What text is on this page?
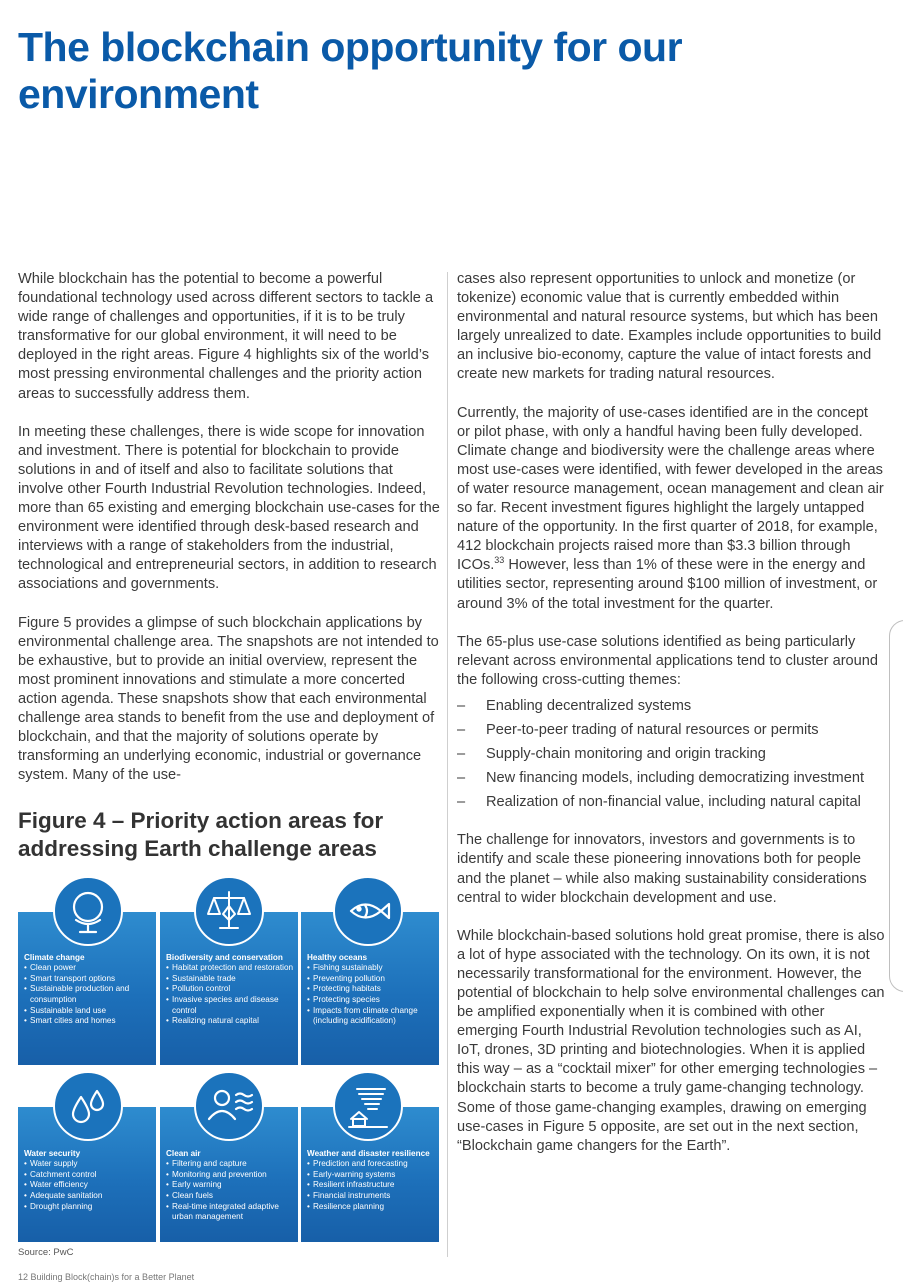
The blockchain opportunity for our environment

While blockchain has the potential to become a powerful foundational technology used across different sectors to tackle a wide range of challenges and opportunities, if it is to be truly transformative for our global environment, it will need to be deployed in the right areas. Figure 4 highlights six of the world’s most pressing environmental challenges and the priority action areas to successfully address them.

In meeting these challenges, there is wide scope for innovation and investment. There is potential for blockchain to provide solutions in and of itself and also to facilitate solutions that involve other Fourth Industrial Revolution technologies. Indeed, more than 65 existing and emerging blockchain use-cases for the environment were identified through desk-based research and interviews with a range of stakeholders from the industrial, technological and entrepreneurial sectors, in addition to research associations and governments.

Figure 5 provides a glimpse of such blockchain applications by environmental challenge area. The snapshots are not intended to be exhaustive, but to provide an initial overview, represent the most prominent innovations and stimulate a more concerted action agenda. These snapshots show that each environmental challenge area stands to benefit from the use and deployment of blockchain, and that the majority of solutions operate by transforming an underlying economic, industrial or governance system. Many of the use-

cases also represent opportunities to unlock and monetize (or tokenize) economic value that is currently embedded within environmental and natural resource systems, but which has been largely unrealized to date. Examples include opportunities to build an inclusive bio-economy, capture the value of intact forests and create new markets for trading natural resources.

Currently, the majority of use-cases identified are in the concept or pilot phase, with only a handful having been fully developed. Climate change and biodiversity were the challenge areas where most use-cases were identified, with fewer developed in the areas of water resource management, ocean management and clean air so far. Recent investment figures highlight the largely untapped nature of the opportunity. In the first quarter of 2018, for example, 412 blockchain projects raised more than $3.3 billion through ICOs.$^{33}$ However, less than 1% of these were in the energy and utilities sector, representing around $100 million of investment, or around 3% of the total investment for the quarter.

The 65-plus use-case solutions identified as being particularly relevant across environmental applications tend to cluster around the following cross-cutting themes:

– Enabling decentralized systems
– Peer-to-peer trading of natural resources or permits
– Supply-chain monitoring and origin tracking
– New financing models, including democratizing investment
– Realization of non-financial value, including natural capital

The challenge for innovators, investors and governments is to identify and scale these pioneering innovations both for people and the planet – while also making sustainability considerations central to wider blockchain development and use.

While blockchain-based solutions hold great promise, there is also a lot of hype associated with the technology. On its own, it is not necessarily transformational for the environment. However, the potential of blockchain to help solve environmental challenges can be amplified exponentially when it is combined with other emerging Fourth Industrial Revolution technologies such as AI, IoT, drones, 3D printing and biotechnologies. When it is applied this way – as a “cocktail mixer” for other emerging technologies – blockchain starts to become a truly game-changing technology. Some of those game-changing examples, drawing on emerging use-cases in Figure 5 opposite, are set out in the next section, “Blockchain game changers for the Earth”.

Figure 4 – Priority action areas for addressing Earth challenge areas
Climate change
• Clean power
• Smart transport options
• Sustainable production and consumption
• Sustainable land use
• Smart cities and homes
Biodiversity and conservation
• Habitat protection and restoration
• Sustainable trade
• Pollution control
• Invasive species and disease control
• Realizing natural capital
Healthy oceans
• Fishing sustainably
• Preventing pollution
• Protecting habitats
• Protecting species
• Impacts from climate change (including acidification)
Water security
• Water supply
• Catchment control
• Water efficiency
• Adequate sanitation
• Drought planning
Clean air
• Filtering and capture
• Monitoring and prevention
• Early warning
• Clean fuels
• Real-time integrated adaptive urban management
Weather and disaster resilience
• Prediction and forecasting
• Early-warning systems
• Resilient infrastructure
• Financial instruments
• Resilience planning
Source: PwC
12 Building Block(chain)s for a Better Planet
